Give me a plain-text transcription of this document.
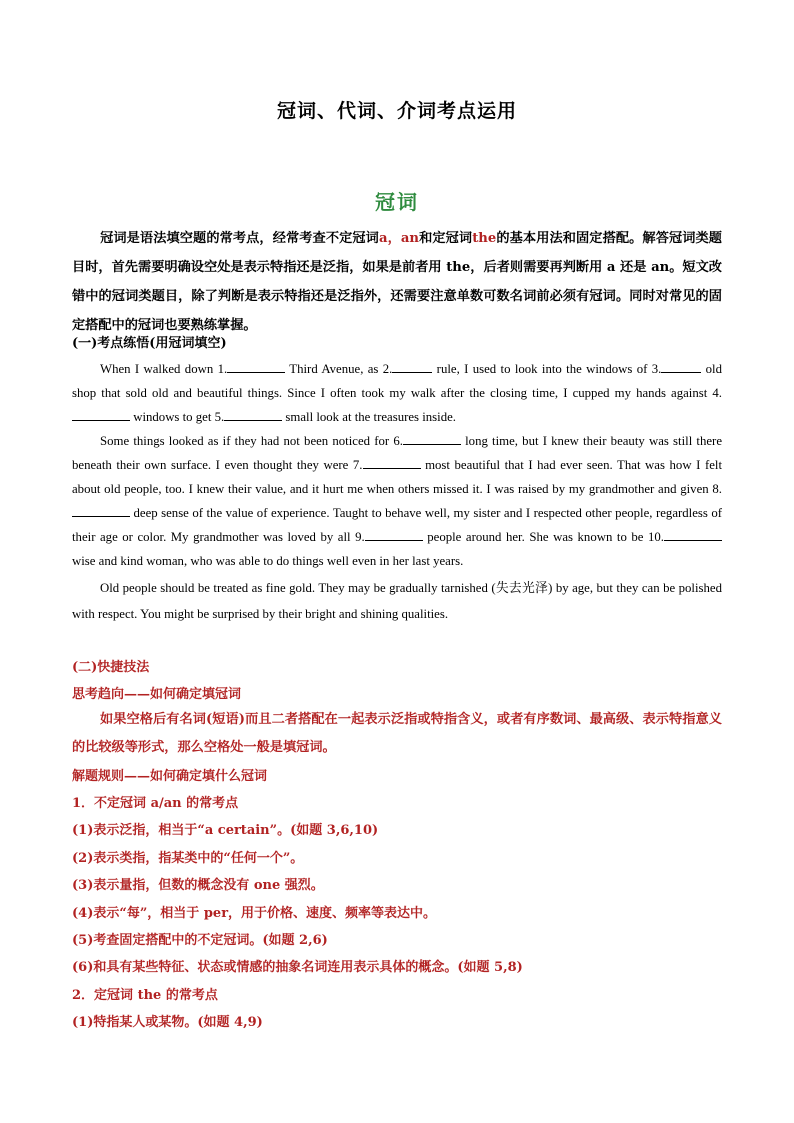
冠词、代词、介词考点运用
冠词
冠词是语法填空题的常考点，经常考查不定冠词a，an和定冠词the的基本用法和固定搭配。解答冠词类题目时，首先需要明确设空处是表示特指还是泛指，如果是前者用 the，后者则需要再判断用 a 还是 an。短文改错中的冠词类题目，除了判断是表示特指还是泛指外，还需要注意单数可数名词前必须有冠词。同时对常见的固定搭配中的冠词也要熟练掌握。
(一)考点练悟(用冠词填空)

When I walked down 1.	Third Avenue, as 2.	rule, I used to look into the windows of 3.	old shop that sold old and beautiful things. Since I often took my walk after the closing time, I cupped my hands against 4. windows to get 5.	small look at the treasures inside.

Some things looked as if they had not been noticed for 6.	long time, but I knew their beauty was still there beneath their own surface. I even thought they were 7.	most beautiful that I had ever seen. That was how I felt about old people, too. I knew their value, and it hurt me when others missed it. I was raised by my grandmother and given 8. deep sense of the value of experience. Taught to behave well, my sister and I respected other people, regardless of their age or color. My grandmother was loved by all 9.	people around her. She was known to be 10. wise and kind woman, who was able to do things well even in her last years.

Old people should be treated as fine gold. They may be gradually tarnished (失去光泽) by age, but they can be polished with respect. You might be surprised by their bright and shining qualities.

(二)快捷技法
思考趋向——如何确定填冠词
如果空格后有名词(短语)而且二者搭配在一起表示泛指或特指含义，或者有序数词、最高级、表示特指意义的比较级等形式，那么空格处一般是填冠词。
解题规则——如何确定填什么冠词
1．不定冠词 a/an 的常考点
(1)表示泛指，相当于“a certain”。(如题 3,6,10)
(2)表示类指，指某类中的“任何一个”。
(3)表示量指，但数的概念没有 one 强烈。
(4)表示“每”，相当于 per，用于价格、速度、频率等表达中。
(5)考查固定搭配中的不定冠词。(如题 2,6)
(6)和具有某些特征、状态或情感的抽象名词连用表示具体的概念。(如题 5,8)
2．定冠词 the 的常考点
(1)特指某人或某物。(如题 4,9)
